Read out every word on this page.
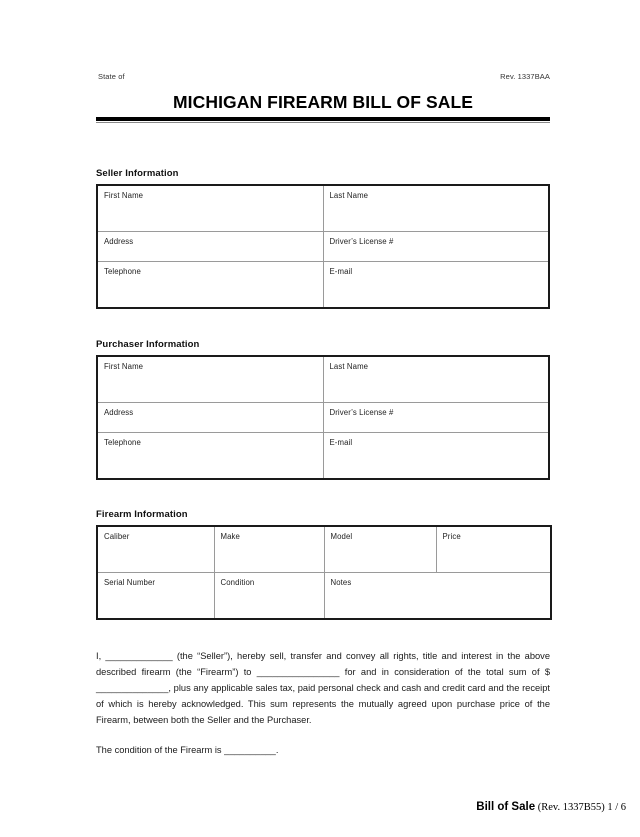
State of	Rev. 1337BAA
MICHIGAN FIREARM BILL OF SALE
Seller Information
First Name	Last Name
Address	Driver’s License #
Telephone	E-mail
Purchaser Information
First Name	Last Name
Address	Driver’s License #
Telephone	E-mail
Firearm Information
Caliber	Make	Model	Price
Serial Number	Condition	Notes	

I, _____________ (the “Seller”), hereby sell, transfer and convey all rights, title and interest in the above described firearm (the “Firearm”) to ________________ for and in consideration of the total sum of $ ______________, plus any applicable sales tax, paid personal check and cash and credit card and the receipt of which is hereby acknowledged. This sum represents the mutually agreed upon purchase price of the Firearm, between both the Seller and the Purchaser.

The condition of the Firearm is __________.

Bill of Sale (Rev. 1337B55) 1 / 6
